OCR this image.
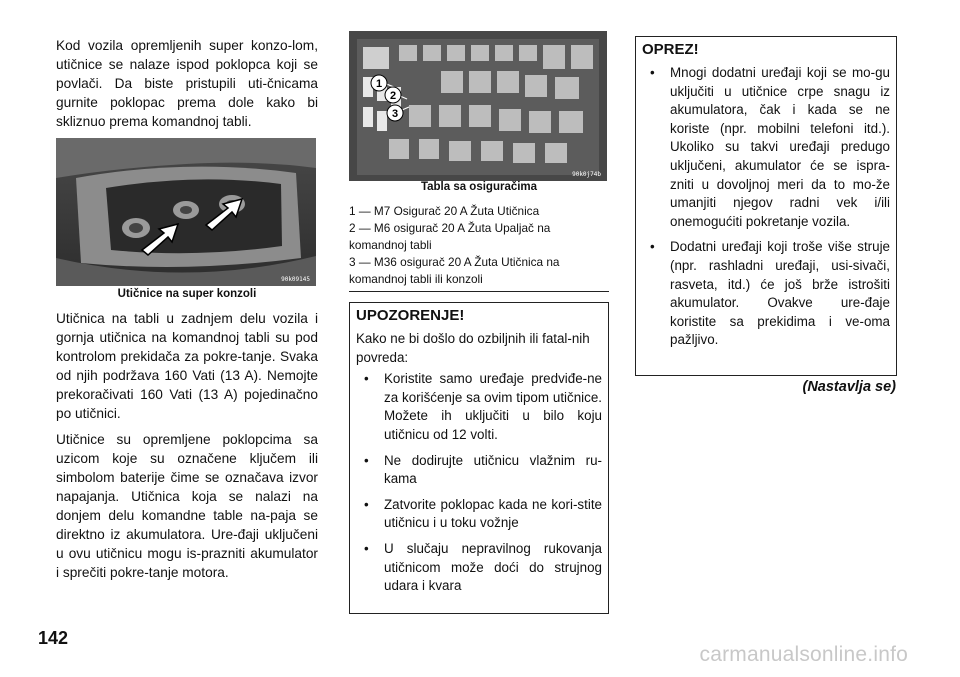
Kod vozila opremljenih super konzo-lom, utičnice se nalaze ispod poklopca koji se povlači. Da biste pristupili uti-čnicama gurnite poklopac prema dole kako bi skliznuo prema komandnoj tabli.

90k09145
Utičnice na super konzoli

Utičnica na tabli u zadnjem delu vozila i gornja utičnica na komandnoj tabli su pod kontrolom prekidača za pokre-tanje. Svaka od njih podržava 160 Vati (13 A). Nemojte prekoračivati 160 Vati (13 A) pojedinačno po utičnici.

Utičnice su opremljene poklopcima sa uzicom koje su označene ključem ili simbolom baterije čime se označava izvor napajanja. Utičnica koja se nalazi na donjem delu komandne table na-paja se direktno iz akumulatora. Ure-đaji uključeni u ovu utičnicu mogu is-prazniti akumulator i sprečiti pokre-tanje motora.

1
2
3
90k0j74b
Tabla sa osiguračima
1 — M7 Osigurač 20 A Žuta Utičnica
2 — M6 osigurač 20 A Žuta Upaljač na komandnoj tabli
3 — M36 osigurač 20 A Žuta Utičnica na komandnoj tabli ili konzoli
UPOZORENJE!

Kako ne bi došlo do ozbiljnih ili fatal-nih povreda:

• Koristite samo uređaje predviđe-ne za korišćenje sa ovim tipom utičnice. Možete ih uključiti u bilo koju utičnicu od 12 volti.
• Ne dodirujte utičnicu vlažnim ru-kama
• Zatvorite poklopac kada ne kori-stite utičnicu i u toku vožnje
• U slučaju nepravilnog rukovanja utičnicom može doći do strujnog udara i kvara
OPREZ!
• Mnogi dodatni uređaji koji se mo-gu uključiti u utičnice crpe snagu iz akumulatora, čak i kada se ne koriste (npr. mobilni telefoni itd.). Ukoliko su takvi uređaji predugo uključeni, akumulator će se ispra-zniti u dovoljnoj meri da to mo-že umanjiti njegov radni vek i/ili onemogućiti pokretanje vozila.
• Dodatni uređaji koji troše više struje (npr. rashladni uređaji, usi-sivači, rasveta, itd.) će još brže istrošiti akumulator. Ovakve ure-đaje koristite sa prekidima i ve-oma pažljivo.
(Nastavlja se)
142
carmanualsonline.info
